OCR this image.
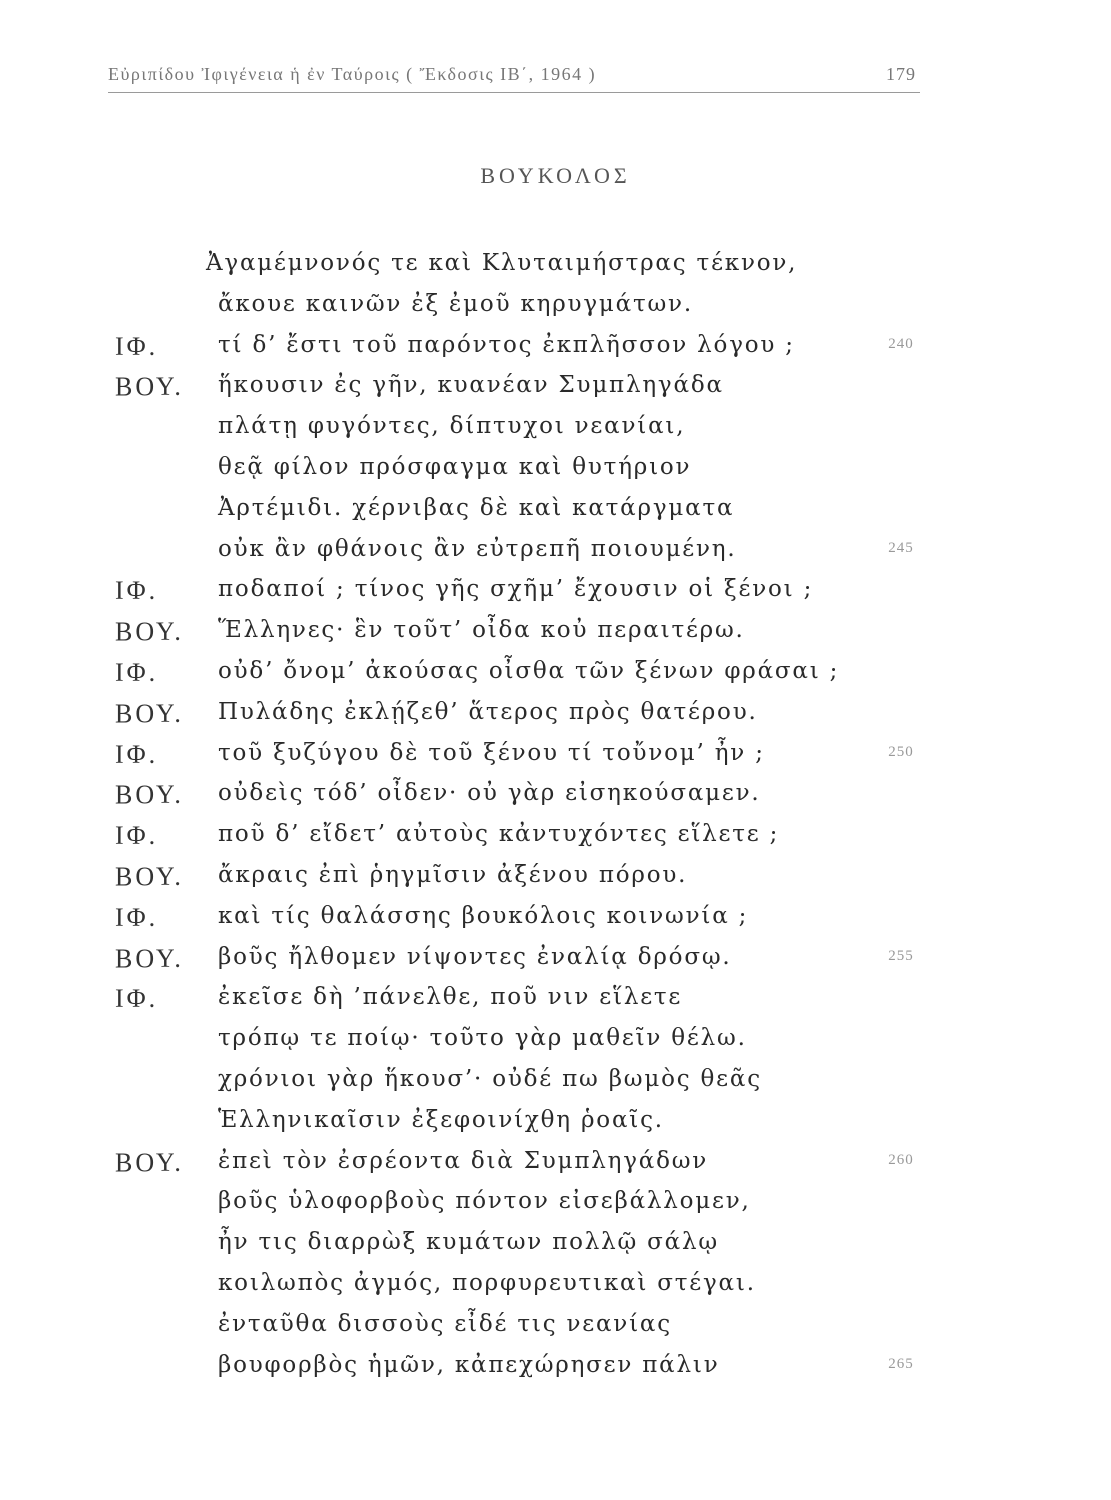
Εὐριπίδου Ἰφιγένεια ἡ ἐν Ταύροις ( Ἔκδοσις ΙΒ΄, 1964 )	179
ΒΟΥΚΟΛΟΣ
Ἀγαμέμνονός τε καὶ Κλυταιμήστρας τέκνον,
ἄκουε καινῶν ἐξ ἐμοῦ κηρυγμάτων.
ΙΦ.	τί δ’ ἔστι τοῦ παρόντος ἐκπλῆσσον λόγου ;	240
ΒΟΥ. ἥκουσιν ἐς γῆν, κυανέαν Συμπληγάδα
πλάτῃ φυγόντες, δίπτυχοι νεανίαι,
θεᾷ φίλον πρόσφαγμα καὶ θυτήριον
Ἀρτέμιδι. χέρνιβας δὲ καὶ κατάργματα
οὐκ ἂν φθάνοις ἂν εὐτρεπῆ ποιουμένη.	245
ΙΦ.	ποδαποί ; τίνος γῆς σχῆμ’ ἔχουσιν οἱ ξένοι ;
ΒΟΥ. Ἕλληνες· ἓν τοῦτ’ οἶδα κοὐ περαιτέρω.
ΙΦ.	οὐδ’ ὄνομ’ ἀκούσας οἶσθα τῶν ξένων φράσαι ;
ΒΟΥ. Πυλάδης ἐκλῄζεθ’ ἅτερος πρὸς θατέρου.
ΙΦ.	τοῦ ξυζύγου δὲ τοῦ ξένου τί τοὔνομ’ ἦν ;	250
ΒΟΥ. οὐδεὶς τόδ’ οἶδεν· οὐ γὰρ εἰσηκούσαμεν.
ΙΦ.	ποῦ δ’ εἴδετ’ αὐτοὺς κἀντυχόντες εἵλετε ;
ΒΟΥ. ἄκραις ἐπὶ ῥηγμῖσιν ἀξένου πόρου.
ΙΦ.	καὶ τίς θαλάσσης βουκόλοις κοινωνία ;
ΒΟΥ. βοῦς ἤλθομεν νίψοντες ἐναλίᾳ δρόσῳ.	255
ΙΦ.	ἐκεῖσε δὴ ’πάνελθε, ποῦ νιν εἵλετε
τρόπῳ τε ποίῳ· τοῦτο γὰρ μαθεῖν θέλω.
χρόνιοι γὰρ ἥκουσ’· οὐδέ πω βωμὸς θεᾶς
Ἑλληνικαῖσιν ἐξεφοινίχθη ῥοαῖς.
ΒΟΥ. ἐπεὶ τὸν ἐσρέοντα διὰ Συμπληγάδων	260
βοῦς ὑλοφορβοὺς πόντον εἰσεβάλλομεν,
ἦν τις διαρρὼξ κυμάτων πολλῷ σάλῳ
κοιλωπὸς ἀγμός, πορφυρευτικαὶ στέγαι.
ἐνταῦθα δισσοὺς εἶδέ τις νεανίας
βουφορβὸς ἡμῶν, κἀπεχώρησεν πάλιν	265
